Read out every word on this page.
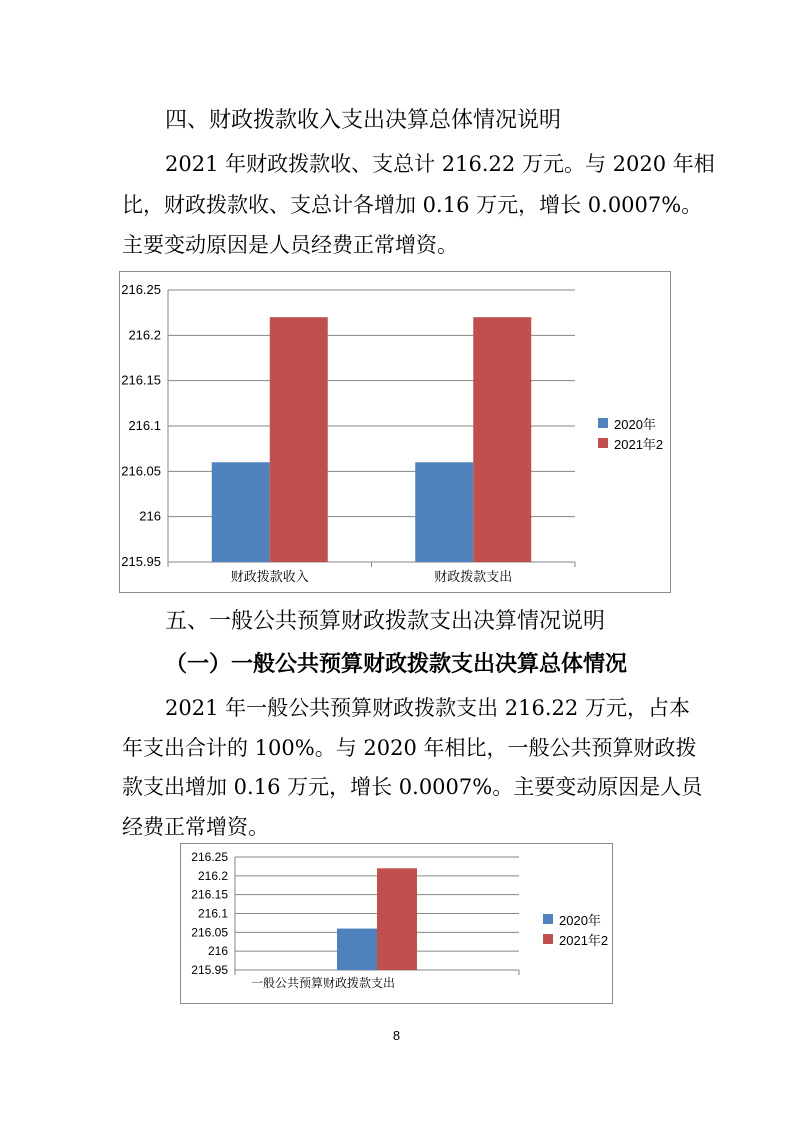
四、财政拨款收入支出决算总体情况说明
2021 年财政拨款收、支总计 216.22 万元。与 2020 年相
比，财政拨款收、支总计各增加 0.16 万元，增长 0.0007%。
主要变动原因是人员经费正常增资。
216.25
216.2
216.15
216.1
216.05
216
215.95
财政拨款收入	财政拨款支出
2020年
2021年2
五、一般公共预算财政拨款支出决算情况说明
（一）一般公共预算财政拨款支出决算总体情况
2021 年一般公共预算财政拨款支出 216.22 万元，占本
年支出合计的 100%。与 2020 年相比，一般公共预算财政拨
款支出增加 0.16 万元，增长 0.0007%。主要变动原因是人员
经费正常增资。
216.25
216.2
216.15
216.1
216.05
216
215.95
一般公共预算财政拨款支出
2020年
2021年2
8
